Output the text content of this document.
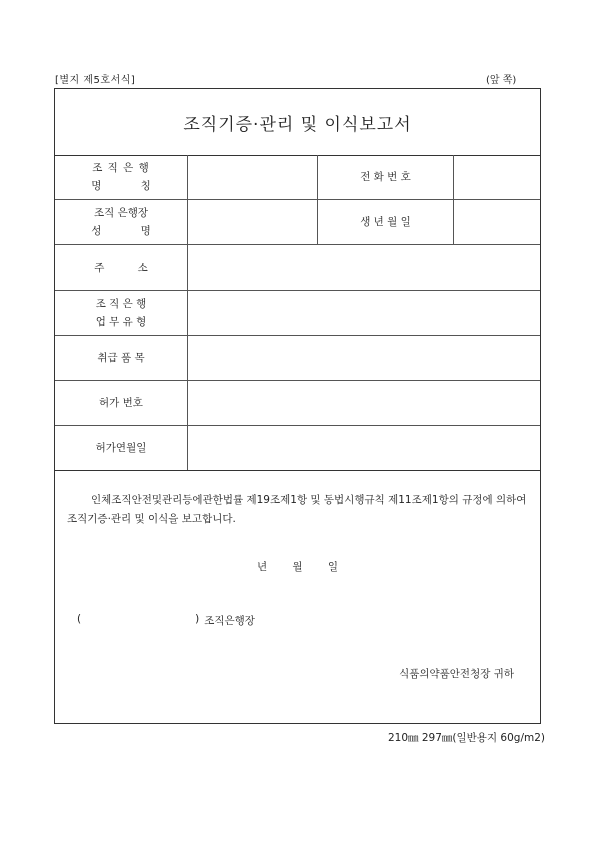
[별지 제5호서식]	(앞 쪽)
조직기증·관리 및 이식보고서
조 직 은 행
명 칭
전 화 번 호
조직 은행장
성 명
생 년 월 일
주 소
조 직 은 행
업 무 유 형
취급 품 목
허가 번호
허가연월일
인체조직안전및관리등에관한법률 제19조제1항 및 동법시행규칙 제11조제1항의 규정에 의하여 조직기증·관리 및 이식을 보고합니다.
년 월 일
(	) 조직은행장
식품의약품안전청장 귀하
210㎜ 297㎜(일반용지 60g/m2)
